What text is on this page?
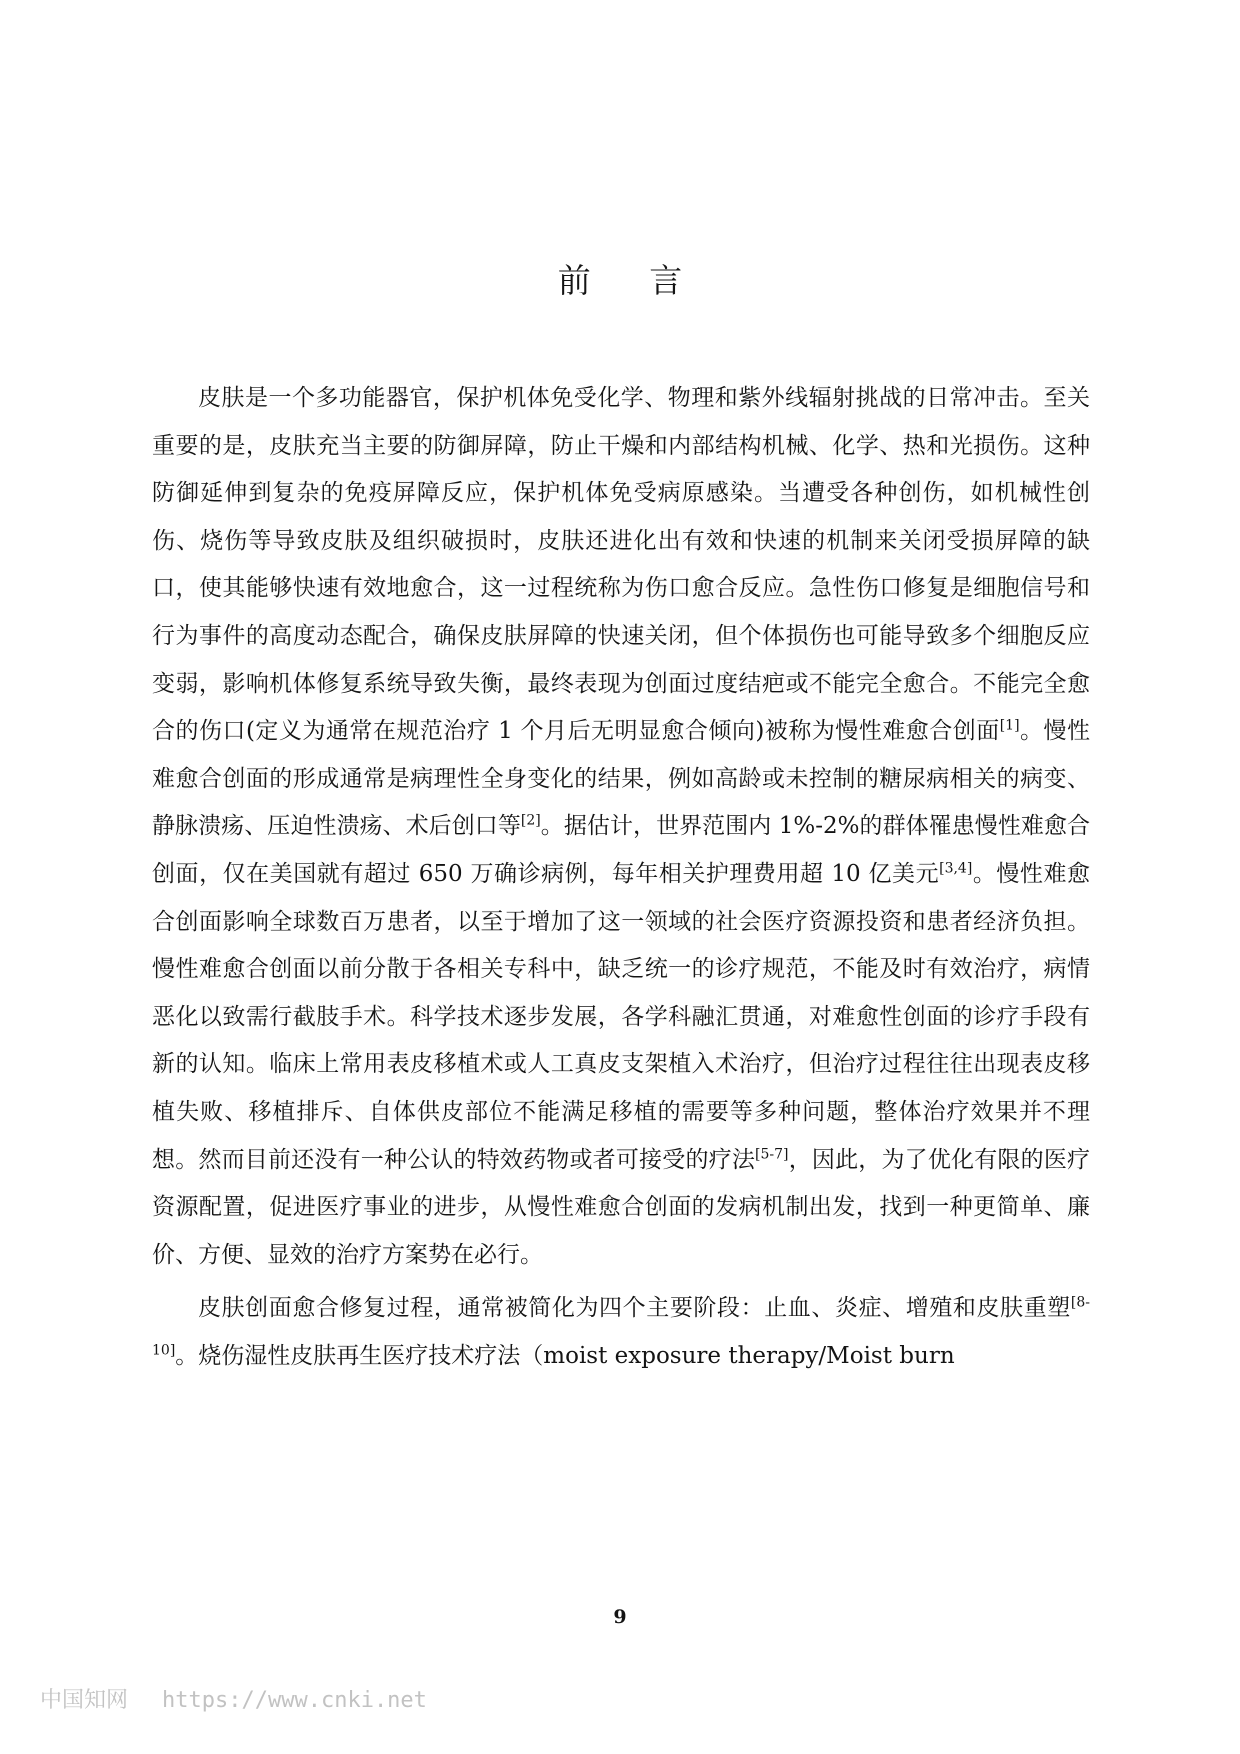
前 言

皮肤是一个多功能器官，保护机体免受化学、物理和紫外线辐射挑战的日常冲击。至关重要的是，皮肤充当主要的防御屏障，防止干燥和内部结构机械、化学、热和光损伤。这种防御延伸到复杂的免疫屏障反应，保护机体免受病原感染。当遭受各种创伤，如机械性创伤、烧伤等导致皮肤及组织破损时，皮肤还进化出有效和快速的机制来关闭受损屏障的缺口，使其能够快速有效地愈合，这一过程统称为伤口愈合反应。急性伤口修复是细胞信号和行为事件的高度动态配合，确保皮肤屏障的快速关闭，但个体损伤也可能导致多个细胞反应变弱，影响机体修复系统导致失衡，最终表现为创面过度结疤或不能完全愈合。不能完全愈合的伤口(定义为通常在规范治疗 1 个月后无明显愈合倾向)被称为慢性难愈合创面[1]。慢性难愈合创面的形成通常是病理性全身变化的结果，例如高龄或未控制的糖尿病相关的病变、静脉溃疡、压迫性溃疡、术后创口等[2]。据估计，世界范围内 1%-2%的群体罹患慢性难愈合创面，仅在美国就有超过 650 万确诊病例，每年相关护理费用超 10 亿美元[3,4]。慢性难愈合创面影响全球数百万患者，以至于增加了这一领域的社会医疗资源投资和患者经济负担。慢性难愈合创面以前分散于各相关专科中，缺乏统一的诊疗规范，不能及时有效治疗，病情恶化以致需行截肢手术。科学技术逐步发展，各学科融汇贯通，对难愈性创面的诊疗手段有新的认知。临床上常用表皮移植术或人工真皮支架植入术治疗，但治疗过程往往出现表皮移植失败、移植排斥、自体供皮部位不能满足移植的需要等多种问题，整体治疗效果并不理想。然而目前还没有一种公认的特效药物或者可接受的疗法[5-7]，因此，为了优化有限的医疗资源配置，促进医疗事业的进步，从慢性难愈合创面的发病机制出发，找到一种更简单、廉价、方便、显效的治疗方案势在必行。

皮肤创面愈合修复过程，通常被简化为四个主要阶段：止血、炎症、增殖和皮肤重塑[8-10]。烧伤湿性皮肤再生医疗技术疗法（moist exposure therapy/Moist burn

9
中国知网 https://www.cnki.net
